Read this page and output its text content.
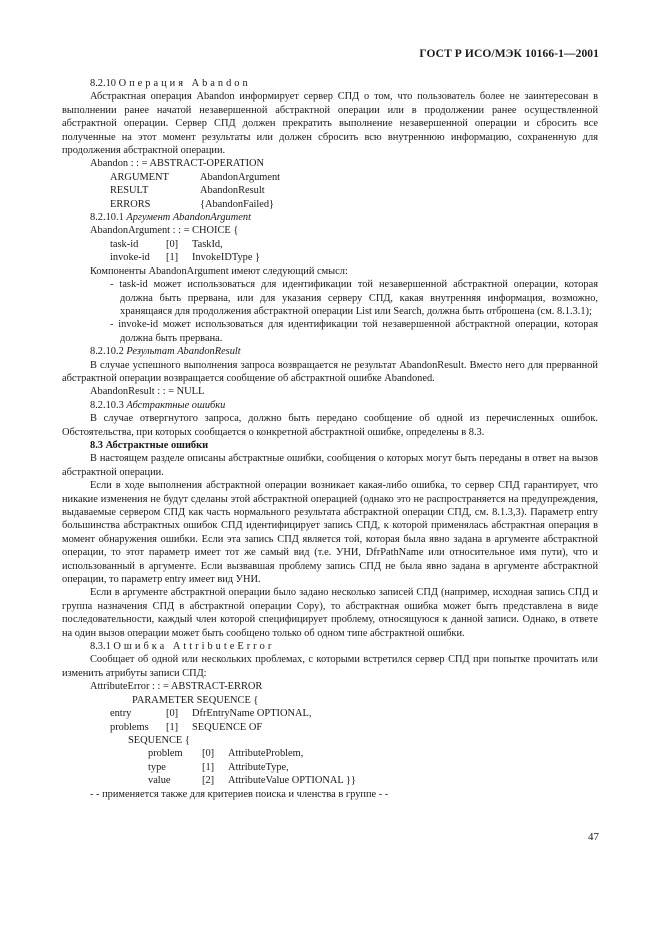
ГОСТ Р ИСО/МЭК 10166-1—2001
8.2.10 Операция Abandon

Абстрактная операция Abandon информирует сервер СПД о том, что пользователь более не заинтересован в выполнении ранее начатой незавершенной абстрактной операции или в продолжении ранее осуществленной абстрактной операции. Сервер СПД должен прекратить выполнение незавершенной операции и сбросить все полученные на этот момент результаты или должен сбросить всю внутреннюю информацию, сохраненную для продолжения абстрактной операции.

Abandon : : = ABSTRACT-OPERATION
ARGUMENT	AbandonArgument
RESULT	AbandonResult
ERRORS	{AbandonFailed}
8.2.10.1 Аргумент AbandonArgument
AbandonArgument : : = CHOICE {
task-id	[0]	TaskId,
invoke-id	[1]	InvokeIDType }
Компоненты AbandonArgument имеют следующий смысл:

- task-id может использоваться для идентификации той незавершенной абстрактной операции, которая должна быть прервана, или для указания серверу СПД, какая внутренняя информация, возможно, хранящаяся для продолжения абстрактной операции List или Search, должна быть отброшена (см. 8.1.3.1);

- invoke-id может использоваться для идентификации той незавершенной абстрактной операции, которая должна быть прервана.

8.2.10.2 Результат AbandonResult

В случае успешного выполнения запроса возвращается не результат AbandonResult. Вместо него для прерванной абстрактной операции возвращается сообщение об абстрактной ошибке Abandoned.

AbandonResult : : = NULL
8.2.10.3 Абстрактные ошибки

В случае отвергнутого запроса, должно быть передано сообщение об одной из перечисленных ошибок. Обстоятельства, при которых сообщается о конкретной абстрактной ошибке, определены в 8.3.

8.3 Абстрактные ошибки

В настоящем разделе описаны абстрактные ошибки, сообщения о которых могут быть переданы в ответ на вызов абстрактной операции.

Если в ходе выполнения абстрактной операции возникает какая-либо ошибка, то сервер СПД гарантирует, что никакие изменения не будут сделаны этой абстрактной операцией (однако это не распространяется на предупреждения, выдаваемые сервером СПД как часть нормального результата абстрактной операции СПД, см. 8.1.3,3). Параметр entry большинства абстрактных ошибок СПД идентифицирует запись СПД, к которой применялась абстрактная операция в момент обнаружения ошибки. Если эта запись СПД является той, которая была явно задана в аргументе абстрактной операции, то этот параметр имеет тот же самый вид (т.е. УНИ, DfrPathName или относительное имя пути), что и использованный в аргументе. Если вызвавшая проблему запись СПД не была явно задана в аргументе абстрактной операции, то параметр entry имеет вид УНИ.

Если в аргументе абстрактной операции было задано несколько записей СПД (например, исходная запись СПД и группа назначения СПД в абстрактной операции Copy), то абстрактная ошибка может быть представлена в виде последовательности, каждый член которой специфицирует проблему, относящуюся к данной записи. Однако, в ответе на один вызов операции может быть сообщено только об одном типе абстрактной ошибки.

8.3.1 Ошибка AttributeError

Сообщает об одной или нескольких проблемах, с которыми встретился сервер СПД при попытке прочитать или изменить атрибуты записи СПД:

AttributeError : : = ABSTRACT-ERROR
PARAMETER SEQUENCE {
entry	[0]	DfrEntryName OPTIONAL,
problems	[1]	SEQUENCE OF
SEQUENCE {
problem	[0]	AttributeProblem,
type	[1]	AttributeType,
value	[2]	AttributeValue OPTIONAL }}
- - применяется также для критериев поиска и членства в группе - -
47
